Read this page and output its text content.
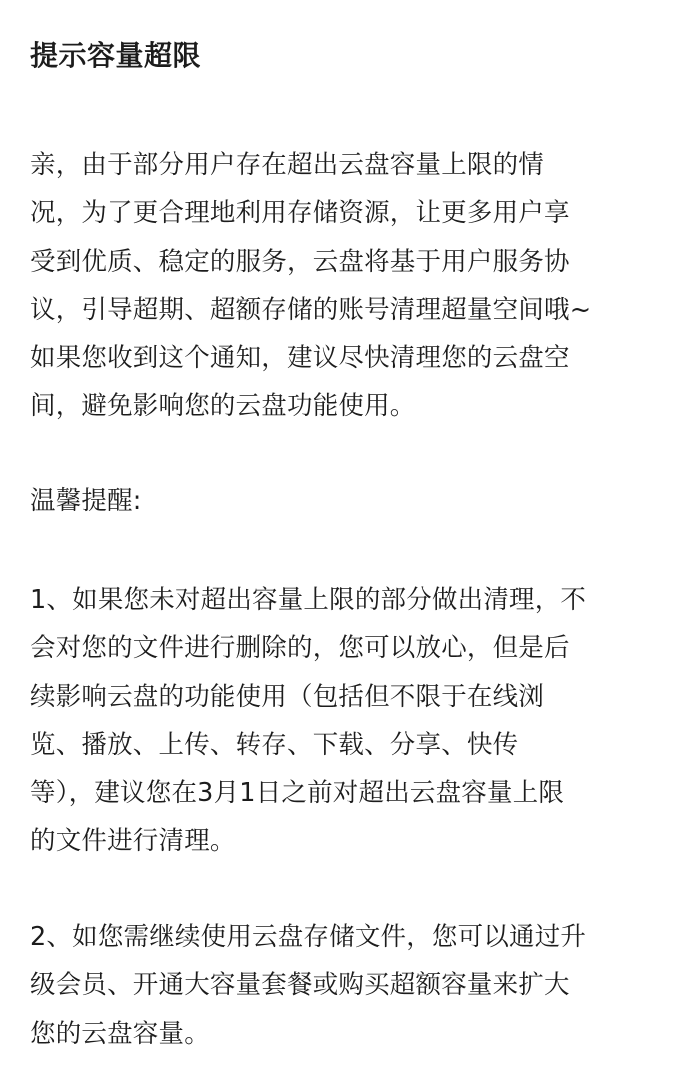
提示容量超限
亲，由于部分用户存在超出云盘容量上限的情
况，为了更合理地利用存储资源，让更多用户享
受到优质、稳定的服务，云盘将基于用户服务协
议，引导超期、超额存储的账号清理超量空间哦~
如果您收到这个通知，建议尽快清理您的云盘空
间，避免影响您的云盘功能使用。
温馨提醒:
1、如果您未对超出容量上限的部分做出清理，不
会对您的文件进行删除的，您可以放心，但是后
续影响云盘的功能使用（包括但不限于在线浏
览、播放、上传、转存、下载、分享、快传
等），建议您在3月1日之前对超出云盘容量上限
的文件进行清理。
2、如您需继续使用云盘存储文件，您可以通过升
级会员、开通大容量套餐或购买超额容量来扩大
您的云盘容量。
